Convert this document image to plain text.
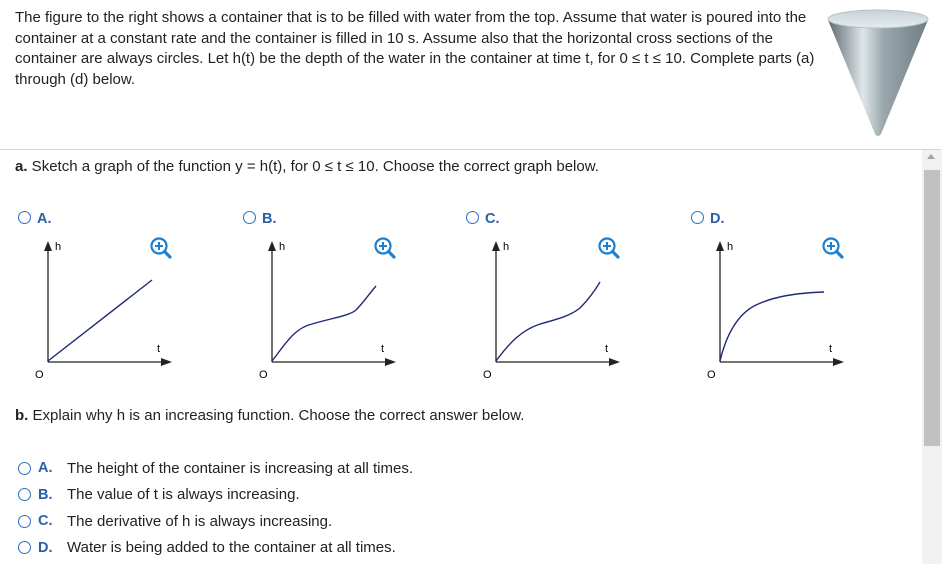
The figure to the right shows a container that is to be filled with water from the top. Assume that water is poured into the container at a constant rate and the container is filled in 10 s. Assume also that the horizontal cross sections of the container are always circles. Let h(t) be the depth of the water in the container at time t, for 0 ≤ t ≤ 10. Complete parts (a) through (d) below.

a. Sketch a graph of the function y = h(t), for 0 ≤ t ≤ 10. Choose the correct graph below.

A.	B.	C.	D.
h
t
O
h
t
O
h
t
O
h
t
O

b. Explain why h is an increasing function. Choose the correct answer below.

A. The height of the container is increasing at all times.
B. The value of t is always increasing.
C. The derivative of h is always increasing.
D. Water is being added to the container at all times.
